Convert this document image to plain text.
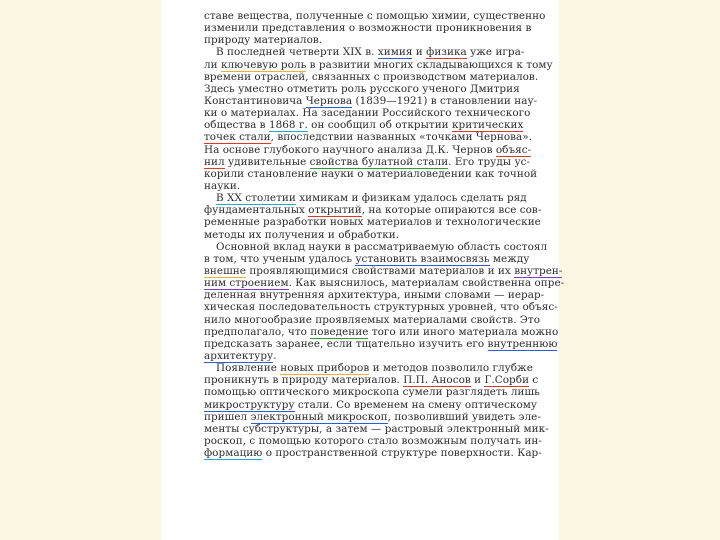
ставе вещества, полученные с помощью химии, существенно
изменили представления о возможности проникновения в
природу материалов.
В последней четверти XIX в. химия и физика уже игра-
ли ключевую роль в развитии многих складывающихся к тому
времени отраслей, связанных с производством материалов.
Здесь уместно отметить роль русского ученого Дмитрия
Константиновича Чернова (1839—1921) в становлении нау-
ки о материалах. На заседании Российского технического
общества в 1868 г. он сообщил об открытии критических
точек стали, впоследствии названных «точками Чернова».
На основе глубокого научного анализа Д.К. Чернов объяс-
нил удивительные свойства булатной стали. Его труды ус-
корили становление науки о материаловедении как точной
науки.
В XX столетии химикам и физикам удалось сделать ряд
фундаментальных открытий, на которые опираются все сов-
ременные разработки новых материалов и технологические
методы их получения и обработки.
Основной вклад науки в рассматриваемую область состоял
в том, что ученым удалось установить взаимосвязь между
внешне проявляющимися свойствами материалов и их внутрен-
ним строением. Как выяснилось, материалам свойственна опре-
деленная внутренняя архитектура, иными словами — иерар-
хическая последовательность структурных уровней, что объяс-
нило многообразие проявляемых материалами свойств. Это
предполагало, что поведение того или иного материала можно
предсказать заранее, если тщательно изучить его внутреннюю
архитектуру.
Появление новых приборов и методов позволило глубже
проникнуть в природу материалов. П.П. Аносов и Г.Сорби с
помощью оптического микроскопа сумели разглядеть лишь
микроструктуру стали. Со временем на смену оптическому
пришел электронный микроскоп, позволивший увидеть эле-
менты субструктуры, а затем — растровый электронный мик-
роскоп, с помощью которого стало возможным получать ин-
формацию о пространственной структуре поверхности. Кар-
